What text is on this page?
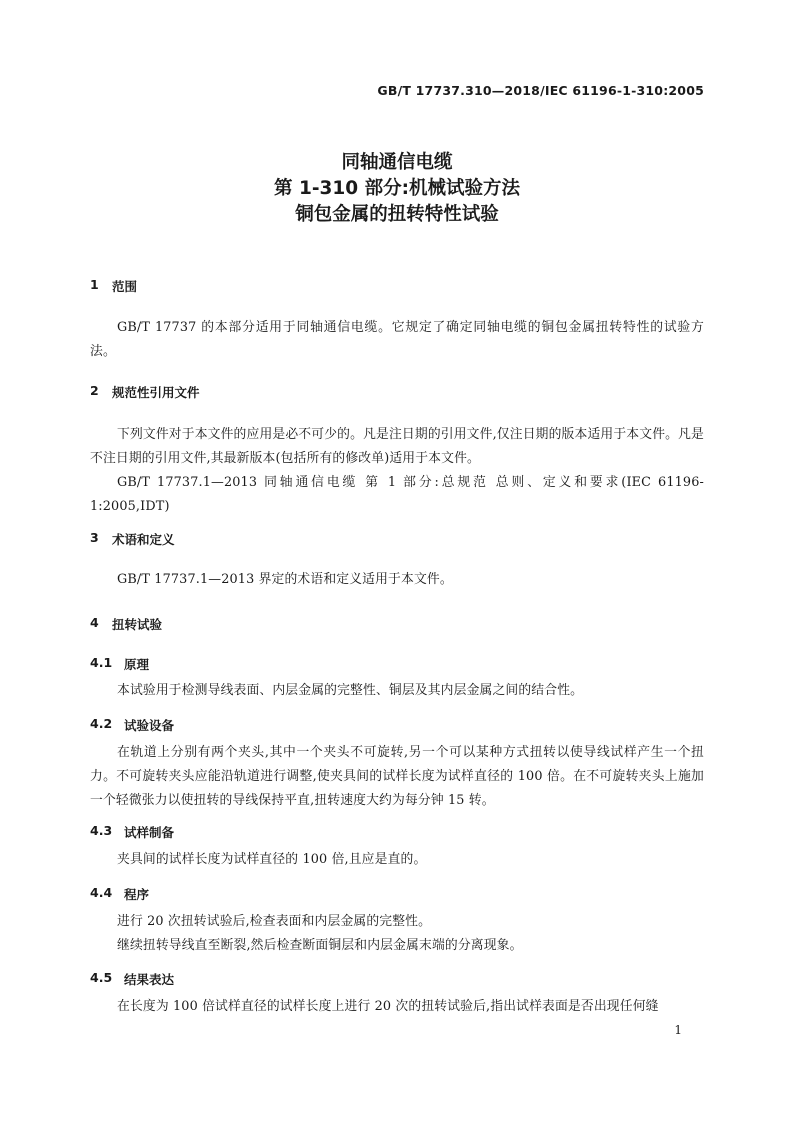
GB/T 17737.310—2018/IEC 61196-1-310:2005
同轴通信电缆
第 1-310 部分:机械试验方法
铜包金属的扭转特性试验
1	范围

GB/T 17737 的本部分适用于同轴通信电缆。它规定了确定同轴电缆的铜包金属扭转特性的试验方法。

2	规范性引用文件

下列文件对于本文件的应用是必不可少的。凡是注日期的引用文件,仅注日期的版本适用于本文件。凡是不注日期的引用文件,其最新版本(包括所有的修改单)适用于本文件。

GB/T 17737.1—2013 同轴通信电缆 第 1 部分:总规范 总则、定义和要求(IEC 61196-1:2005,IDT)

3	术语和定义

GB/T 17737.1—2013 界定的术语和定义适用于本文件。

4	扭转试验
4.1 原理

本试验用于检测导线表面、内层金属的完整性、铜层及其内层金属之间的结合性。

4.2 试验设备

在轨道上分别有两个夹头,其中一个夹头不可旋转,另一个可以某种方式扭转以使导线试样产生一个扭力。不可旋转夹头应能沿轨道进行调整,使夹具间的试样长度为试样直径的 100 倍。在不可旋转夹头上施加一个轻微张力以使扭转的导线保持平直,扭转速度大约为每分钟 15 转。

4.3 试样制备

夹具间的试样长度为试样直径的 100 倍,且应是直的。

4.4 程序

进行 20 次扭转试验后,检查表面和内层金属的完整性。

继续扭转导线直至断裂,然后检查断面铜层和内层金属末端的分离现象。

4.5 结果表达

在长度为 100 倍试样直径的试样长度上进行 20 次的扭转试验后,指出试样表面是否出现任何缝

1
